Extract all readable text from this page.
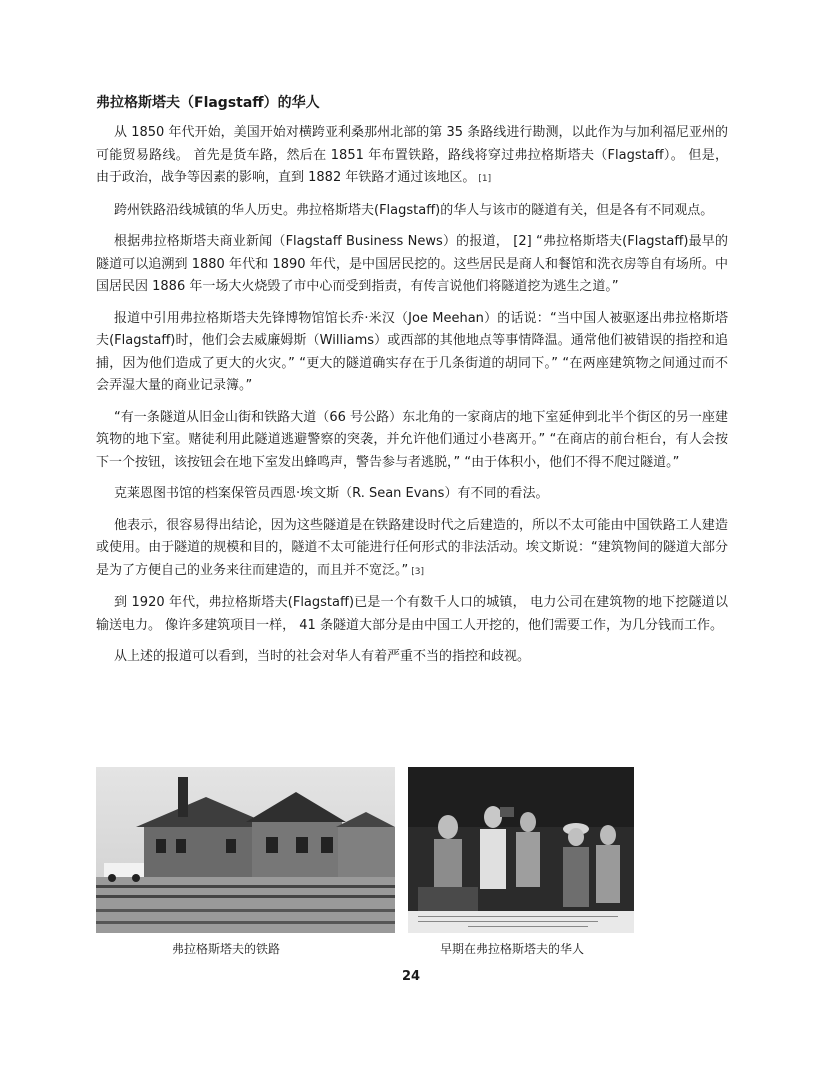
弗拉格斯塔夫（Flagstaff）的华人
从 1850 年代开始，美国开始对横跨亚利桑那州北部的第 35 条路线进行勘测，以此作为与加利福尼亚州的可能贸易路线。 首先是货车路，然后在 1851 年布置铁路，路线将穿过弗拉格斯塔夫（Flagstaff）。 但是，由于政治，战争等因素的影响，直到 1882 年铁路才通过该地区。 [1]
跨州铁路沿线城镇的华人历史。弗拉格斯塔夫(Flagstaff)的华人与该市的隧道有关，但是各有不同观点。
根据弗拉格斯塔夫商业新闻（Flagstaff Business News）的报道， [2] “弗拉格斯塔夫(Flagstaff)最早的隧道可以追溯到 1880 年代和 1890 年代，是中国居民挖的。这些居民是商人和餐馆和洗衣房等自有场所。中国居民因 1886 年一场大火烧毁了市中心而受到指责，有传言说他们将隧道挖为逃生之道。”
报道中引用弗拉格斯塔夫先锋博物馆馆长乔·米汉（Joe Meehan）的话说：“当中国人被驱逐出弗拉格斯塔夫(Flagstaff)时，他们会去威廉姆斯（Williams）或西部的其他地点等事情降温。通常他们被错误的指控和追捕，因为他们造成了更大的火灾。” “更大的隧道确实存在于几条街道的胡同下。” “在两座建筑物之间通过而不会弄湿大量的商业记录簿。”
“有一条隧道从旧金山街和铁路大道（66 号公路）东北角的一家商店的地下室延伸到北半个街区的另一座建筑物的地下室。赌徒利用此隧道逃避警察的突袭，并允许他们通过小巷离开。” “在商店的前台柜台，有人会按下一个按钮，该按钮会在地下室发出蜂鸣声，警告参与者逃脱，” “由于体积小，他们不得不爬过隧道。”
克莱恩图书馆的档案保管员西恩·埃文斯（R. Sean Evans）有不同的看法。
他表示，很容易得出结论，因为这些隧道是在铁路建设时代之后建造的，所以不太可能由中国铁路工人建造或使用。由于隧道的规模和目的，隧道不太可能进行任何形式的非法活动。埃文斯说：“建筑物间的隧道大部分是为了方便自己的业务来往而建造的，而且并不宽泛。” [3]
到 1920 年代，弗拉格斯塔夫(Flagstaff)已是一个有数千人口的城镇， 电力公司在建筑物的地下挖隧道以输送电力。 像许多建筑项目一样， 41 条隧道大部分是由中国工人开挖的，他们需要工作，为几分钱而工作。
从上述的报道可以看到，当时的社会对华人有着严重不当的指控和歧视。
弗拉格斯塔夫的铁路	早期在弗拉格斯塔夫的华人
24
